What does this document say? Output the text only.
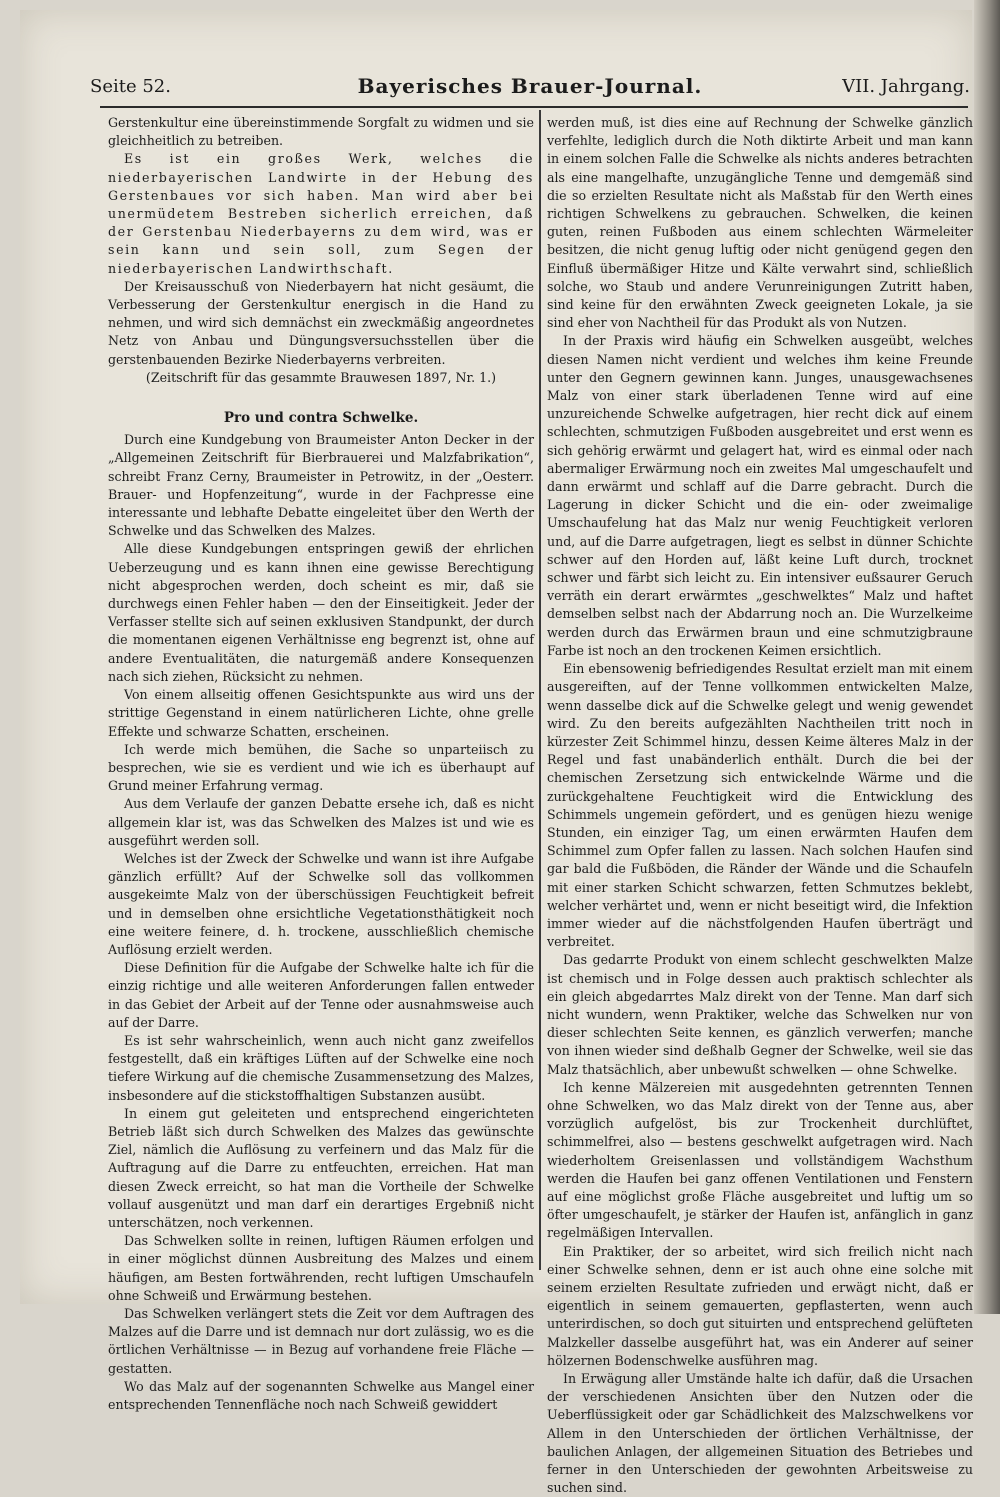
Seite 52.	Bayerisches Brauer-Journal.	VII. Jahrgang.

Gerstenkultur eine übereinstimmende Sorgfalt zu widmen und sie gleichheitlich zu betreiben.

Es ist ein großes Werk, welches die niederbayerischen Landwirte in der Hebung des Gerstenbaues vor sich haben. Man wird aber bei unermüdetem Bestreben sicherlich erreichen, daß der Gerstenbau Niederbayerns zu dem wird, was er sein kann und sein soll, zum Segen der niederbayerischen Landwirthschaft.

Der Kreisausschuß von Niederbayern hat nicht gesäumt, die Verbesserung der Gerstenkultur energisch in die Hand zu nehmen, und wird sich demnächst ein zweckmäßig angeordnetes Netz von Anbau und Düngungsversuchsstellen über die gerstenbauenden Bezirke Niederbayerns verbreiten.

(Zeitschrift für das gesammte Brauwesen 1897, Nr. 1.)

Pro und contra Schwelke.

Durch eine Kundgebung von Braumeister Anton Decker in der „Allgemeinen Zeitschrift für Bierbrauerei und Malzfabrikation“, schreibt Franz Cerny, Braumeister in Petrowitz, in der „Oesterr. Brauer- und Hopfenzeitung“, wurde in der Fachpresse eine interessante und lebhafte Debatte eingeleitet über den Werth der Schwelke und das Schwelken des Malzes.

Alle diese Kundgebungen entspringen gewiß der ehrlichen Ueberzeugung und es kann ihnen eine gewisse Berechtigung nicht abgesprochen werden, doch scheint es mir, daß sie durchwegs einen Fehler haben — den der Einseitigkeit. Jeder der Verfasser stellte sich auf seinen exklusiven Standpunkt, der durch die momentanen eigenen Verhältnisse eng begrenzt ist, ohne auf andere Eventualitäten, die naturgemäß andere Konsequenzen nach sich ziehen, Rücksicht zu nehmen.

Von einem allseitig offenen Gesichtspunkte aus wird uns der strittige Gegenstand in einem natürlicheren Lichte, ohne grelle Effekte und schwarze Schatten, erscheinen.

Ich werde mich bemühen, die Sache so unparteiisch zu besprechen, wie sie es verdient und wie ich es überhaupt auf Grund meiner Erfahrung vermag.

Aus dem Verlaufe der ganzen Debatte ersehe ich, daß es nicht allgemein klar ist, was das Schwelken des Malzes ist und wie es ausgeführt werden soll.

Welches ist der Zweck der Schwelke und wann ist ihre Aufgabe gänzlich erfüllt? Auf der Schwelke soll das vollkommen ausgekeimte Malz von der überschüssigen Feuchtigkeit befreit und in demselben ohne ersichtliche Vegetationsthätigkeit noch eine weitere feinere, d. h. trockene, ausschließlich chemische Auflösung erzielt werden.

Diese Definition für die Aufgabe der Schwelke halte ich für die einzig richtige und alle weiteren Anforderungen fallen entweder in das Gebiet der Arbeit auf der Tenne oder ausnahmsweise auch auf der Darre.

Es ist sehr wahrscheinlich, wenn auch nicht ganz zweifellos festgestellt, daß ein kräftiges Lüften auf der Schwelke eine noch tiefere Wirkung auf die chemische Zusammensetzung des Malzes, insbesondere auf die stickstoffhaltigen Substanzen ausübt.

In einem gut geleiteten und entsprechend eingerichteten Betrieb läßt sich durch Schwelken des Malzes das gewünschte Ziel, nämlich die Auflösung zu verfeinern und das Malz für die Auftragung auf die Darre zu entfeuchten, erreichen. Hat man diesen Zweck erreicht, so hat man die Vortheile der Schwelke vollauf ausgenützt und man darf ein derartiges Ergebniß nicht unterschätzen, noch verkennen.

Das Schwelken sollte in reinen, luftigen Räumen erfolgen und in einer möglichst dünnen Ausbreitung des Malzes und einem häufigen, am Besten fortwährenden, recht luftigen Umschaufeln ohne Schweiß und Erwärmung bestehen.

Das Schwelken verlängert stets die Zeit vor dem Auftragen des Malzes auf die Darre und ist demnach nur dort zulässig, wo es die örtlichen Verhältnisse — in Bezug auf vorhandene freie Fläche — gestatten.

Wo das Malz auf der sogenannten Schwelke aus Mangel einer entsprechenden Tennenfläche noch nach Schweiß gewiddert

werden muß, ist dies eine auf Rechnung der Schwelke gänzlich verfehlte, lediglich durch die Noth diktirte Arbeit und man kann in einem solchen Falle die Schwelke als nichts anderes betrachten als eine mangelhafte, unzugängliche Tenne und demgemäß sind die so erzielten Resultate nicht als Maßstab für den Werth eines richtigen Schwelkens zu gebrauchen. Schwelken, die keinen guten, reinen Fußboden aus einem schlechten Wärmeleiter besitzen, die nicht genug luftig oder nicht genügend gegen den Einfluß übermäßiger Hitze und Kälte verwahrt sind, schließlich solche, wo Staub und andere Verunreinigungen Zutritt haben, sind keine für den erwähnten Zweck geeigneten Lokale, ja sie sind eher von Nachtheil für das Produkt als von Nutzen.

In der Praxis wird häufig ein Schwelken ausgeübt, welches diesen Namen nicht verdient und welches ihm keine Freunde unter den Gegnern gewinnen kann. Junges, unausgewachsenes Malz von einer stark überladenen Tenne wird auf eine unzureichende Schwelke aufgetragen, hier recht dick auf einem schlechten, schmutzigen Fußboden ausgebreitet und erst wenn es sich gehörig erwärmt und gelagert hat, wird es einmal oder nach abermaliger Erwärmung noch ein zweites Mal umgeschaufelt und dann erwärmt und schlaff auf die Darre gebracht. Durch die Lagerung in dicker Schicht und die ein- oder zweimalige Umschaufelung hat das Malz nur wenig Feuchtigkeit verloren und, auf die Darre aufgetragen, liegt es selbst in dünner Schichte schwer auf den Horden auf, läßt keine Luft durch, trocknet schwer und färbt sich leicht zu. Ein intensiver eußsaurer Geruch verräth ein derart erwärmtes „geschwelktes“ Malz und haftet demselben selbst nach der Abdarrung noch an. Die Wurzelkeime werden durch das Erwärmen braun und eine schmutzigbraune Farbe ist noch an den trockenen Keimen ersichtlich.

Ein ebensowenig befriedigendes Resultat erzielt man mit einem ausgereiften, auf der Tenne vollkommen entwickelten Malze, wenn dasselbe dick auf die Schwelke gelegt und wenig gewendet wird. Zu den bereits aufgezählten Nachtheilen tritt noch in kürzester Zeit Schimmel hinzu, dessen Keime älteres Malz in der Regel und fast unabänderlich enthält. Durch die bei der chemischen Zersetzung sich entwickelnde Wärme und die zurückgehaltene Feuchtigkeit wird die Entwicklung des Schimmels ungemein gefördert, und es genügen hiezu wenige Stunden, ein einziger Tag, um einen erwärmten Haufen dem Schimmel zum Opfer fallen zu lassen. Nach solchen Haufen sind gar bald die Fußböden, die Ränder der Wände und die Schaufeln mit einer starken Schicht schwarzen, fetten Schmutzes beklebt, welcher verhärtet und, wenn er nicht beseitigt wird, die Infektion immer wieder auf die nächstfolgenden Haufen überträgt und verbreitet.

Das gedarrte Produkt von einem schlecht geschwelkten Malze ist chemisch und in Folge dessen auch praktisch schlechter als ein gleich abgedarrtes Malz direkt von der Tenne. Man darf sich nicht wundern, wenn Praktiker, welche das Schwelken nur von dieser schlechten Seite kennen, es gänzlich verwerfen; manche von ihnen wieder sind deßhalb Gegner der Schwelke, weil sie das Malz thatsächlich, aber unbewußt schwelken — ohne Schwelke.

Ich kenne Mälzereien mit ausgedehnten getrennten Tennen ohne Schwelken, wo das Malz direkt von der Tenne aus, aber vorzüglich aufgelöst, bis zur Trockenheit durchlüftet, schimmelfrei, also — bestens geschwelkt aufgetragen wird. Nach wiederholtem Greisenlassen und vollständigem Wachsthum werden die Haufen bei ganz offenen Ventilationen und Fenstern auf eine möglichst große Fläche ausgebreitet und luftig um so öfter umgeschaufelt, je stärker der Haufen ist, anfänglich in ganz regelmäßigen Intervallen.

Ein Praktiker, der so arbeitet, wird sich freilich nicht nach einer Schwelke sehnen, denn er ist auch ohne eine solche mit seinem erzielten Resultate zufrieden und erwägt nicht, daß er eigentlich in seinem gemauerten, gepflasterten, wenn auch unterirdischen, so doch gut situirten und entsprechend gelüfteten Malzkeller dasselbe ausgeführt hat, was ein Anderer auf seiner hölzernen Bodenschwelke ausführen mag.

In Erwägung aller Umstände halte ich dafür, daß die Ursachen der verschiedenen Ansichten über den Nutzen oder die Ueberflüssigkeit oder gar Schädlichkeit des Malzschwelkens vor Allem in den Unterschieden der örtlichen Verhältnisse, der baulichen Anlagen, der allgemeinen Situation des Betriebes und ferner in den Unterschieden der gewohnten Arbeitsweise zu suchen sind.
